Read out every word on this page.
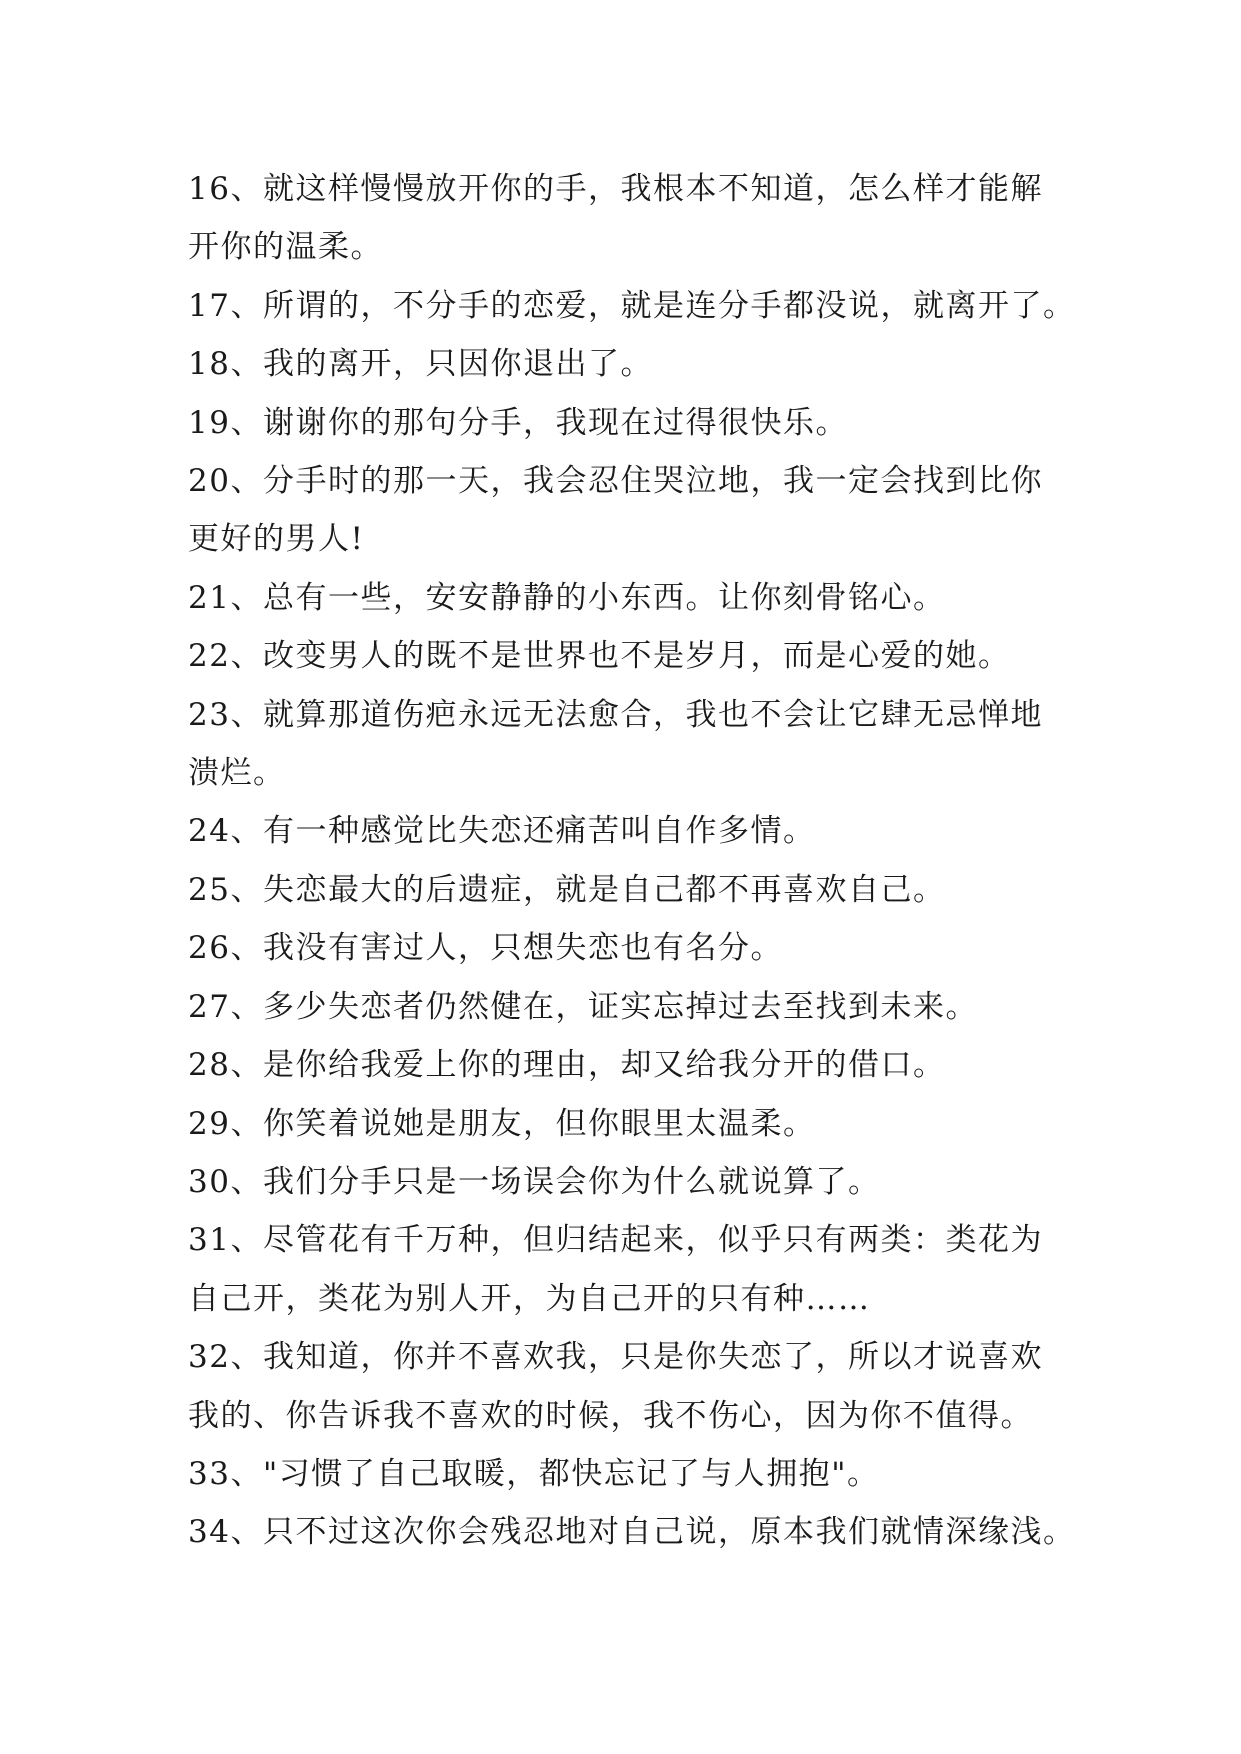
16、就这样慢慢放开你的手，我根本不知道，怎么样才能解

开你的温柔。

17、所谓的，不分手的恋爱，就是连分手都没说，就离开了。

18、我的离开，只因你退出了。

19、谢谢你的那句分手，我现在过得很快乐。

20、分手时的那一天，我会忍住哭泣地，我一定会找到比你

更好的男人!

21、总有一些，安安静静的小东西。让你刻骨铭心。

22、改变男人的既不是世界也不是岁月，而是心爱的她。

23、就算那道伤疤永远无法愈合，我也不会让它肆无忌惮地

溃烂。

24、有一种感觉比失恋还痛苦叫自作多情。

25、失恋最大的后遗症，就是自己都不再喜欢自己。

26、我没有害过人，只想失恋也有名分。

27、多少失恋者仍然健在，证实忘掉过去至找到未来。

28、是你给我爱上你的理由，却又给我分开的借口。

29、你笑着说她是朋友，但你眼里太温柔。

30、我们分手只是一场误会你为什么就说算了。

31、尽管花有千万种，但归结起来，似乎只有两类：类花为

自己开，类花为别人开，为自己开的只有种……

32、我知道，你并不喜欢我，只是你失恋了，所以才说喜欢

我的、你告诉我不喜欢的时候，我不伤心，因为你不值得。

33、"习惯了自己取暖，都快忘记了与人拥抱"。

34、只不过这次你会残忍地对自己说，原本我们就情深缘浅。
